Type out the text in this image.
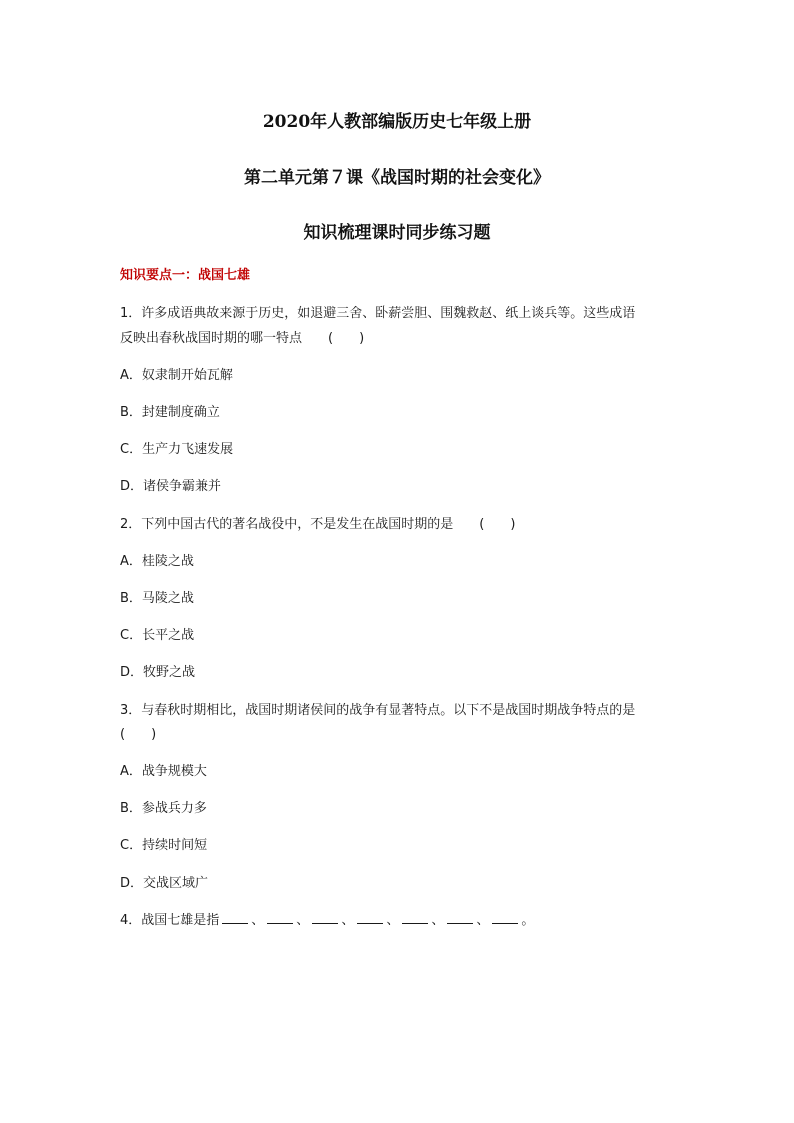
2020年人教部编版历史七年级上册
第二单元第７课《战国时期的社会变化》
知识梳理课时同步练习题
知识要点一：战国七雄
1．许多成语典故来源于历史，如退避三舍、卧薪尝胆、围魏救赵、纸上谈兵等。这些成语
反映出春秋战国时期的哪一特点　　(　　)
A．奴隶制开始瓦解
B．封建制度确立
C．生产力飞速发展
D．诸侯争霸兼并
2．下列中国古代的著名战役中，不是发生在战国时期的是　　(　　)
A．桂陵之战
B．马陵之战
C．长平之战
D．牧野之战
3．与春秋时期相比，战国时期诸侯间的战争有显著特点。以下不是战国时期战争特点的是
(　　)
A．战争规模大
B．参战兵力多
C．持续时间短
D．交战区域广
4．战国七雄是指 、 、 、 、 、 、 。
